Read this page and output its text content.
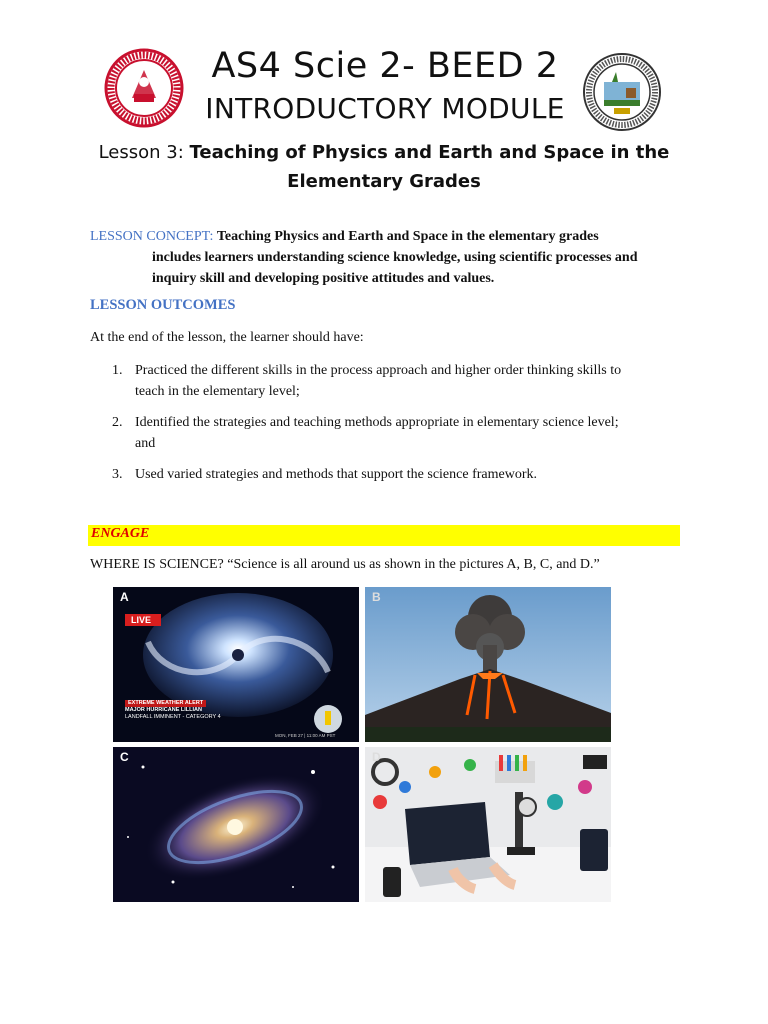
AS4 Scie 2- BEED 2
INTRODUCTORY MODULE
Lesson 3: Teaching of Physics and Earth and Space in the
Elementary Grades
LESSON CONCEPT: Teaching Physics and Earth and Space in the elementary grades
includes learners understanding science knowledge, using scientific processes and
inquiry skill and developing positive attitudes and values.
LESSON OUTCOMES
At the end of the lesson, the learner should have:
1. Practiced the different skills in the process approach and higher order thinking skills to
teach in the elementary level;
2. Identified the strategies and teaching methods appropriate in elementary science level;
and
3. Used varied strategies and methods that support the science framework.
ENGAGE
WHERE IS SCIENCE? “Science is all around us as shown in the pictures A, B, C, and D.”
A
LIVE
EXTREME WEATHER ALERT
MAJOR HURRICANE LILLIAN
LANDFALL IMMINENT - CATEGORY 4
MON, FEB 27 | 11:00 AM PST
B
C	D
